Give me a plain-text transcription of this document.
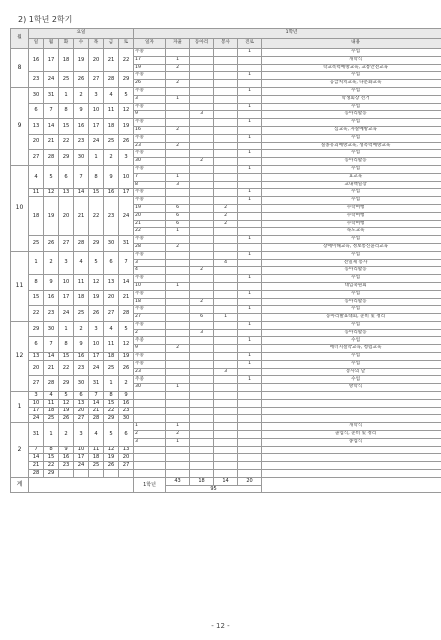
2) 1학년 2학기
월	요일							1학년					
	일	월	화	수	목	금	토	일자	자율	동아리	봉사	진로	내용
8	16	17	18	19	20	21	22	주중				1	수업
								17	1				개학식
								19	2				학교폭력예방교육, 교통안전교육
	23	24	25	26	27	28	29	주중				1	수업
								26	2				응급처치교육, 다문화교육
9	30	31	1	2	3	4	5	주중				1	수업
								3	1				학생회장 선거
	6	7	8	9	10	11	12	주중				1	수업
								9		3			동아리활동
	13	14	15	16	17	18	19	주중				1	수업
								16	2				심교육, 자살예방교육
	20	21	22	23	24	25	26	주중				1	수업
								23	2				실종유괴예방교육, 성폭력예방교육
	27	28	29	30	1	2	3	주중				1	수업
								30		2			동아리활동
10	4	5	6	7	8	9	10	주중				1	수업
								7	1				효교육
								8	3				교내백일장
	11	12	13	14	15	16	17	주중				1	수업
	18	19	20	21	22	23	24	주중				1	수업
								19	6		2		수학여행
								20	6		2		수학여행
								21	6		2		수학여행
								22	1				독도교육
	25	26	27	28	29	30	31	주중				1	수업
								28	2				장애이해교육, 정보통신윤리교육
11	1	2	3	4	5	6	7	주중				1	수업
								3			4		전일제 봉사
								4		2			동아리활동
	8	9	10	11	12	13	14	주중				1	수업
								10	1				대입축원회
	15	16	17	18	19	20	21	주중				1	수업
								18		2			동아리활동
	22	23	24	25	26	27	28	주중				1	수업
								27		6	1		동아리발표대회, 준비 및 정리
12	29	30	1	2	3	4	5	주중				1	수업
								2		3			동아리활동
	6	7	8	9	10	11	12	주중				1	수업
								9	2				에너지절약교육, 청렴교육
	13	14	15	16	17	18	19	주중				1	수업
	20	21	22	23	24	25	26	주중				1	수업
								23			3		봉사의 날
	27	28	29	30	31	1	2	주중				1	수업
								30	1				방학식
1	3	4	5	6	7	8	9						
	10	11	12	13	14	15	16						
	17	18	19	20	21	22	23						
	24	25	26	27	28	29	30						
2	31	1	2	3	4	5	6	1	1				개학식
								2	2				졸업식, 준비 및 정리
								3	1				종업식
	7	8	9	10	11	12	13						
	14	15	16	17	18	19	20						
	21	22	23	24	25	26	27						
	28	29											
계								1학년	43	18	14	20	
									95				
- 12 -
